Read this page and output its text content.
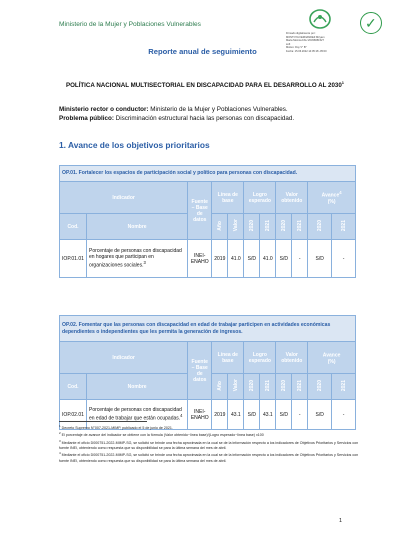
Ministerio de la Mujer y Poblaciones Vulnerables
Firmado digitalmente por:
MONTOYA FERNANDEZ Miryam
Maria Monica FAU 20336951527
soft
Motivo: Doy V° B°
Fecha: 15.06.2022 14:05:18 -05:00
✓
Reporte anual de seguimiento
POLÍTICA NACIONAL MULTISECTORIAL EN DISCAPACIDAD PARA EL DESARROLLO AL 2030$^1$
Ministerio rector o conductor: Ministerio de la Mujer y Poblaciones Vulnerables.
Problema público: Discriminación estructural hacia las personas con discapacidad.
1. Avance de los objetivos prioritarios
OP.01. Fortalecer los espacios de participación social y político para personas con discapacidad.										
Indicador		Fuente – Base de datos	Línea de base		Logro esperado		Valor obtenido		Avance$^4$
(%)	
Cod.	Nombre		Año	Valor	2020	2021	2020	2021	2020	2021
IOP.01.01	Porcentaje de personas con discapacidad en hogares que participan en organizaciones sociales.$^3$	INEI-ENAHO	2019	41.0	S/D	41.0	S/D	-	S/D	-
OP.02. Fomentar que las personas con discapacidad en edad de trabajar participen en actividades económicas dependientes o independientes que les permita la generación de ingresos.										
Indicador		Fuente – Base de datos	Línea de base		Logro esperado		Valor obtenido		Avance
(%)	
Cod.	Nombre		Año	Valor	2020	2021	2020	2021	2020	2021
IOP.02.01	Porcentaje de personas con discapacidad en edad de trabajar que están ocupadas.$^4$	INEI-ENAHO	2019	43.1	S/D	43.1	S/D	-	S/D	-
$^1$ Decreto Supremo N°007-2021-MIMP, publicado el 5 de junio de 2021.
$^2$ El porcentaje de avance del indicador se obtiene con la fórmula (Valor obtenido−línea base)/(Logro esperado−línea base) x100
$^3$ Mediante el oficio D000751-2022-MIMP-SG, se solicitó se brinde una fecha aproximada en la cual se de la información respecto a los indicadores de Objetivos Prioritarios y Servicios con fuente INEI, obteniendo como respuesta que su disponibilidad se para la última semana del mes de abril.
$^4$ Mediante el oficio D000751-2022-MIMP-SG, se solicitó se brinde una fecha aproximada en la cual se de la información respecto a los indicadores de Objetivos Prioritarios y Servicios con fuente INEI, obteniendo como respuesta que su disponibilidad se para la última semana del mes de abril.
1
